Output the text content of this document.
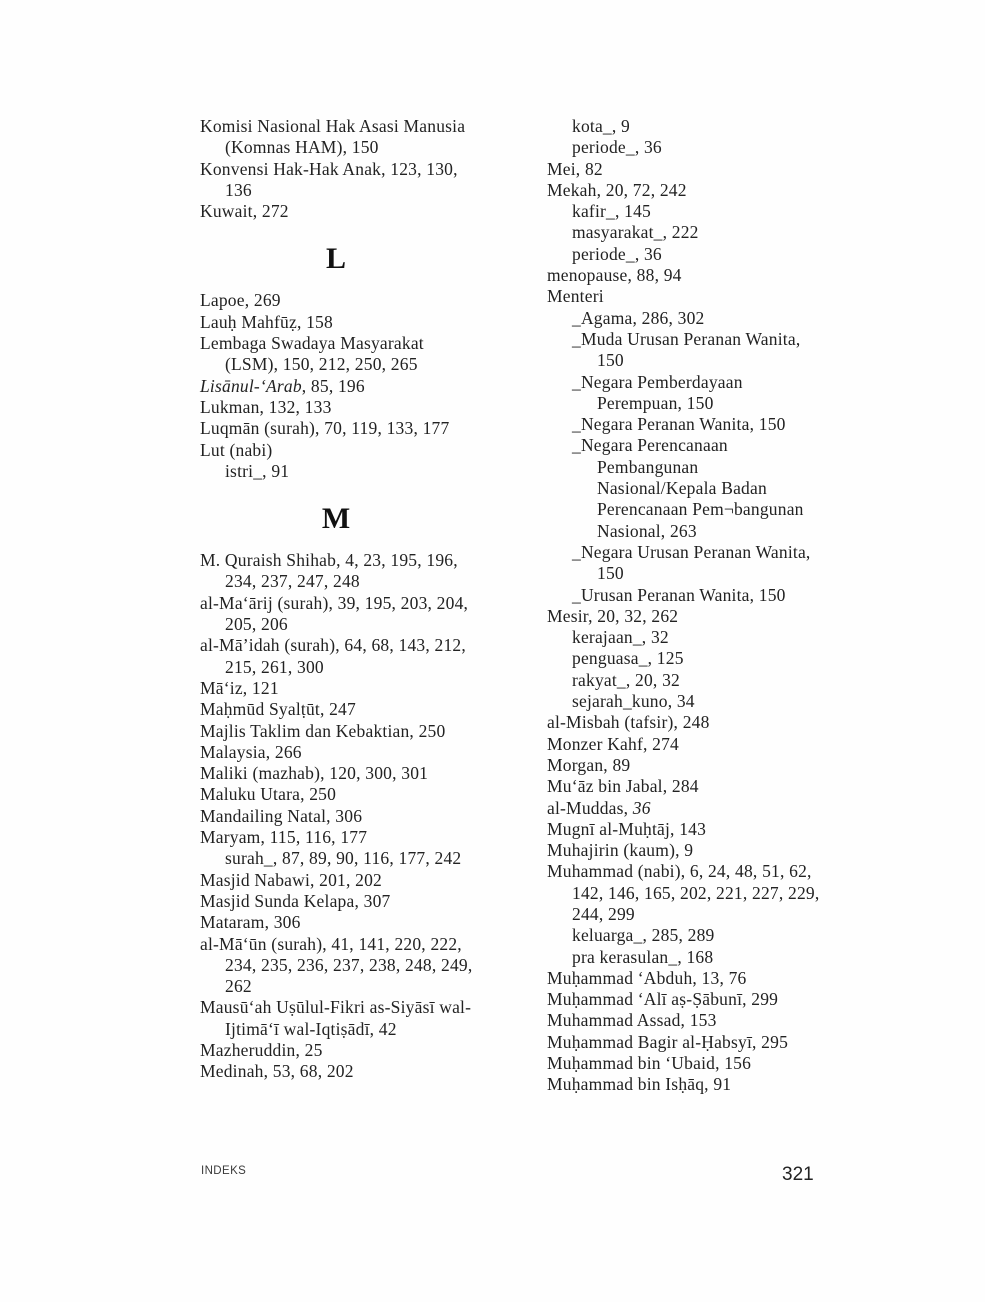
Komisi Nasional Hak Asasi Manusia
(Komnas HAM), 150
Konvensi Hak-Hak Anak, 123, 130,
136
Kuwait, 272
L
Lapoe, 269
Lauḥ Mahfūẓ, 158
Lembaga Swadaya Masyarakat
(LSM), 150, 212, 250, 265
Lisānul-‘Arab, 85, 196
Lukman, 132, 133
Luqmān (surah), 70, 119, 133, 177
Lut (nabi)
istri_, 91
M
M. Quraish Shihab, 4, 23, 195, 196,
234, 237, 247, 248
al-Ma‘ārij (surah), 39, 195, 203, 204,
205, 206
al-Mā’idah (surah), 64, 68, 143, 212,
215, 261, 300
Mā‘iz, 121
Maḥmūd Syalṭūt, 247
Majlis Taklim dan Kebaktian, 250
Malaysia, 266
Maliki (mazhab), 120, 300, 301
Maluku Utara, 250
Mandailing Natal, 306
Maryam, 115, 116, 177
surah_, 87, 89, 90, 116, 177, 242
Masjid Nabawi, 201, 202
Masjid Sunda Kelapa, 307
Mataram, 306
al-Mā‘ūn (surah), 41, 141, 220, 222,
234, 235, 236, 237, 238, 248, 249,
262
Mausū‘ah Uṣūlul-Fikri as-Siyāsī wal-
Ijtimā‘ī wal-Iqtiṣādī, 42
Mazheruddin, 25
Medinah, 53, 68, 202
kota_, 9
periode_, 36
Mei, 82
Mekah, 20, 72, 242
kafir_, 145
masyarakat_, 222
periode_, 36
menopause, 88, 94
Menteri
_Agama, 286, 302
_Muda Urusan Peranan Wanita,
150
_Negara Pemberdayaan
Perempuan, 150
_Negara Peranan Wanita, 150
_Negara Perencanaan
Pembangunan
Nasional/Kepala Badan
Perencanaan Pem¬bangunan
Nasional, 263
_Negara Urusan Peranan Wanita,
150
_Urusan Peranan Wanita, 150
Mesir, 20, 32, 262
kerajaan_, 32
penguasa_, 125
rakyat_, 20, 32
sejarah_kuno, 34
al-Misbah (tafsir), 248
Monzer Kahf, 274
Morgan, 89
Mu‘āz bin Jabal, 284
al-Muddas, 36
Mugnī al-Muḥtāj, 143
Muhajirin (kaum), 9
Muhammad (nabi), 6, 24, 48, 51, 62,
142, 146, 165, 202, 221, 227, 229,
244, 299
keluarga_, 285, 289
pra kerasulan_, 168
Muḥammad ‘Abduh, 13, 76
Muḥammad ‘Alī aṣ-Ṣābunī, 299
Muhammad Assad, 153
Muḥammad Bagir al-Ḥabsyī, 295
Muḥammad bin ‘Ubaid, 156
Muḥammad bin Isḥāq, 91
INDEKS	321
